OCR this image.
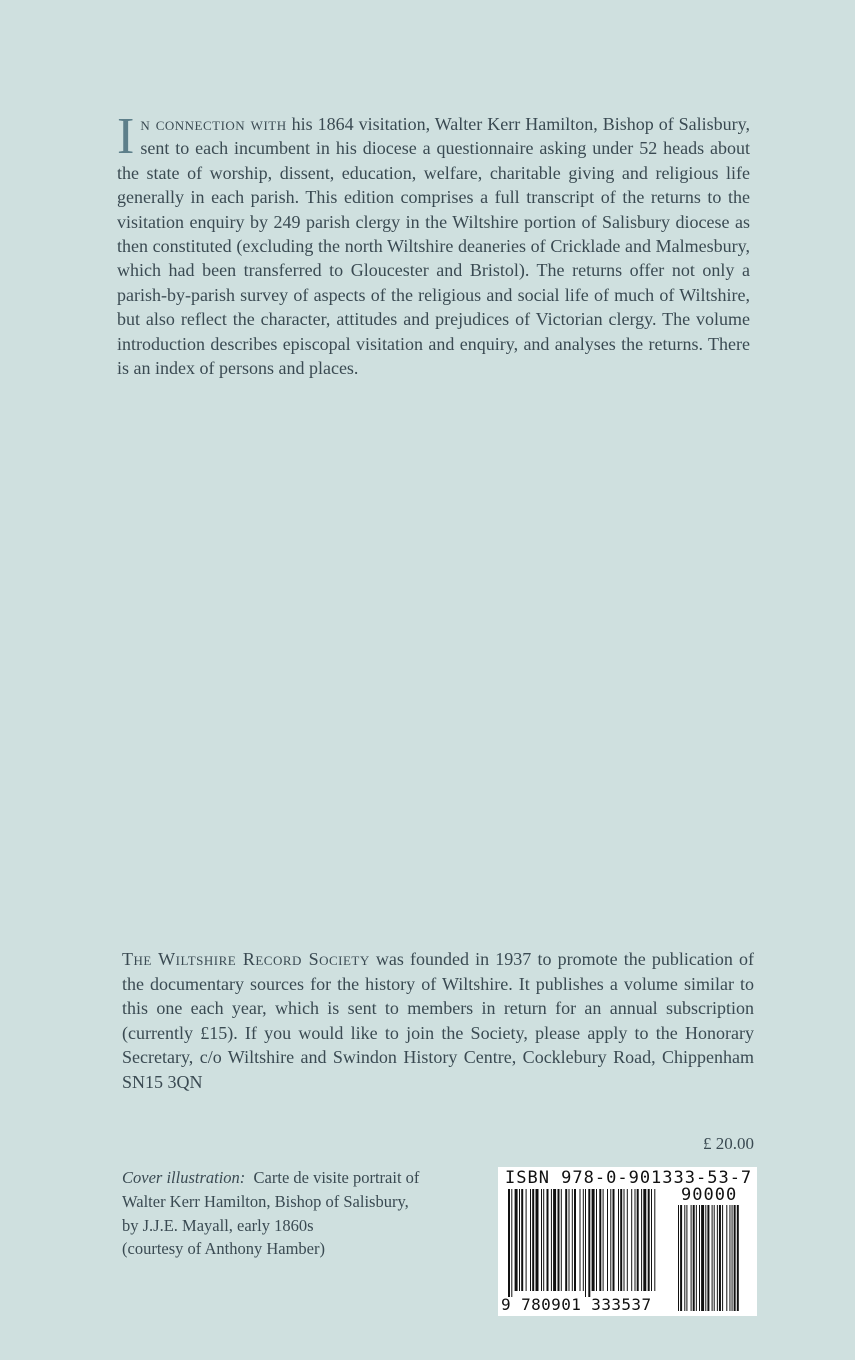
In connection with his 1864 visitation, Walter Kerr Hamilton, Bishop of Salisbury, sent to each incumbent in his diocese a questionnaire asking under 52 heads about the state of worship, dissent, education, welfare, charitable giving and religious life generally in each parish. This edition comprises a full transcript of the returns to the visitation enquiry by 249 parish clergy in the Wiltshire portion of Salisbury diocese as then constituted (excluding the north Wiltshire deaneries of Cricklade and Malmesbury, which had been transferred to Gloucester and Bristol). The returns offer not only a parish-by-parish survey of aspects of the religious and social life of much of Wiltshire, but also reflect the character, attitudes and prejudices of Victorian clergy. The volume introduction describes episcopal visitation and enquiry, and analyses the returns. There is an index of persons and places.

The Wiltshire Record Society was founded in 1937 to promote the publication of the documentary sources for the history of Wiltshire. It publishes a volume similar to this one each year, which is sent to members in return for an annual subscription (currently £15). If you would like to join the Society, please apply to the Honorary Secretary, c/o Wiltshire and Swindon History Centre, Cocklebury Road, Chippenham SN15 3QN

£ 20.00
Cover illustration: Carte de visite portrait of
Walter Kerr Hamilton, Bishop of Salisbury,
by J.J.E. Mayall, early 1860s
(courtesy of Anthony Hamber)
ISBN 978-0-901333-53-7
90000
9 780901 333537
